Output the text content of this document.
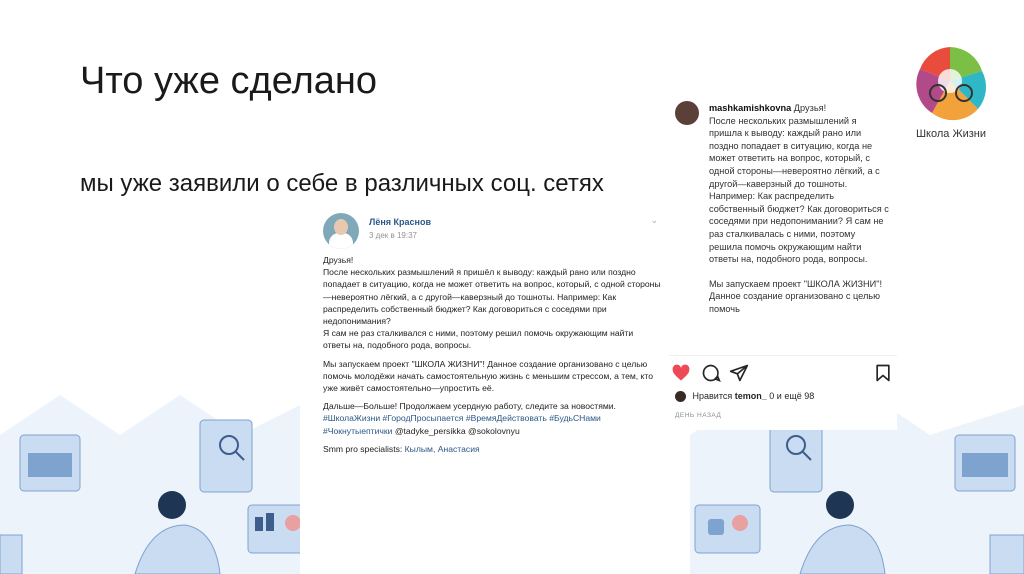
Что уже сделано
мы уже заявили о себе в различных соц. сетях
Лёня Краснов
3 дек в 19:37
⌄

Друзья!
После нескольких размышлений я пришёл к выводу: каждый рано или поздно попадает в ситуацию, когда не может ответить на вопрос, который, с одной стороны—невероятно лёгкий, а с другой—каверзный до тошноты. Например: Как распределить собственный бюджет? Как договориться с соседями при недопонимания?
Я сам не раз сталкивался с ними, поэтому решил помочь окружающим найти ответы на, подобного рода, вопросы.

Мы запускаем проект "ШКОЛА ЖИЗНИ"! Данное создание организовано с целью помочь молодёжи начать самостоятельную жизнь с меньшим стрессом, а тем, кто уже живёт самостоятельно—упростить её.

Дальше—Больше! Продолжаем усердную работу, следите за новостями.
#ШколаЖизни #ГородПросыпается #ВремяДействовать #БудьСНами #Чокнутыептички @tadyke_persikka @sokolovnyu

Smm pro specialists: Кылым, Анастасия

mashkamishkovna Друзья!
После нескольких размышлений я пришла к выводу: каждый рано или поздно попадает в ситуацию, когда не может ответить на вопрос, который, с одной стороны—невероятно лёгкий, а с другой—каверзный до тошноты. Например: Как распределить собственный бюджет? Как договориться с соседями при недопонимании? Я сам не раз сталкивалась с ними, поэтому решила помочь окружающим найти ответы на, подобного рода, вопросы.
Мы запускаем проект "ШКОЛА ЖИЗНИ"! Данное создание организовано с целью помочь
Нравится temon_ 0 и ещё 98
ДЕНЬ НАЗАД
Школа Жизни
